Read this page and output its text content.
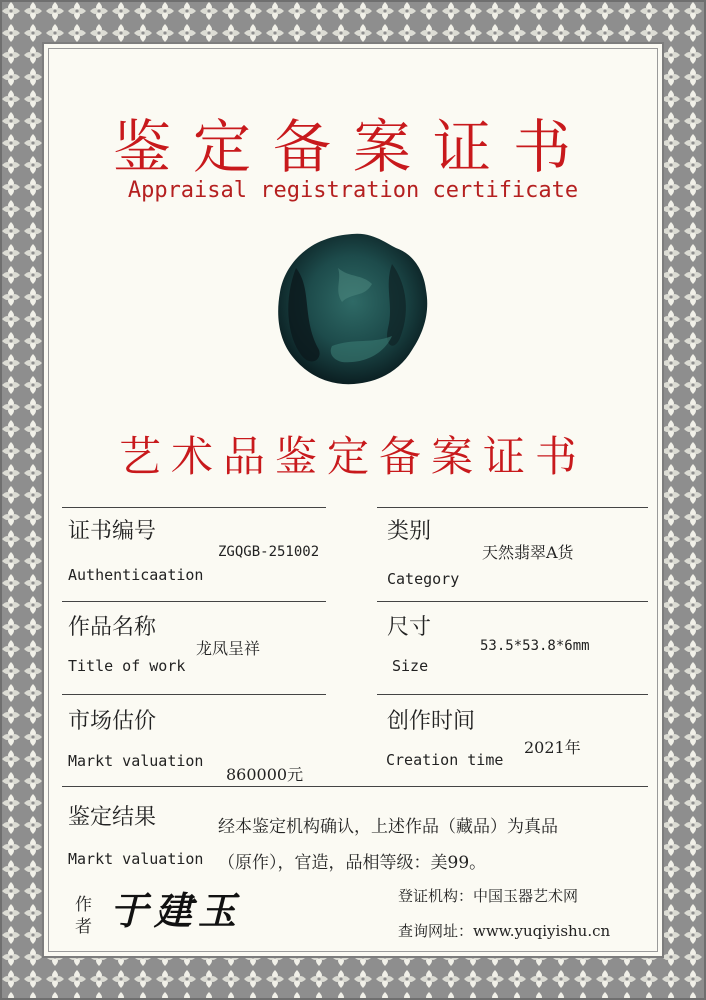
鉴定备案证书
Appraisal registration certificate
艺术品鉴定备案证书
证书编号
ZGQGB-251002
Authenticaation
类别
天然翡翠A货
Category
作品名称
龙凤呈祥
Title of work
尺寸
53.5*53.8*6mm
Size
市场估价
Markt valuation
860000元
创作时间
2021年
Creation time
鉴定结果	经本鉴定机构确认，上述作品（藏品）为真品
Markt valuation （原作），官造，品相等级：美99。
作
者 于建玉	登证机构：中国玉器艺术网
查询网址：www.yuqiyishu.cn
